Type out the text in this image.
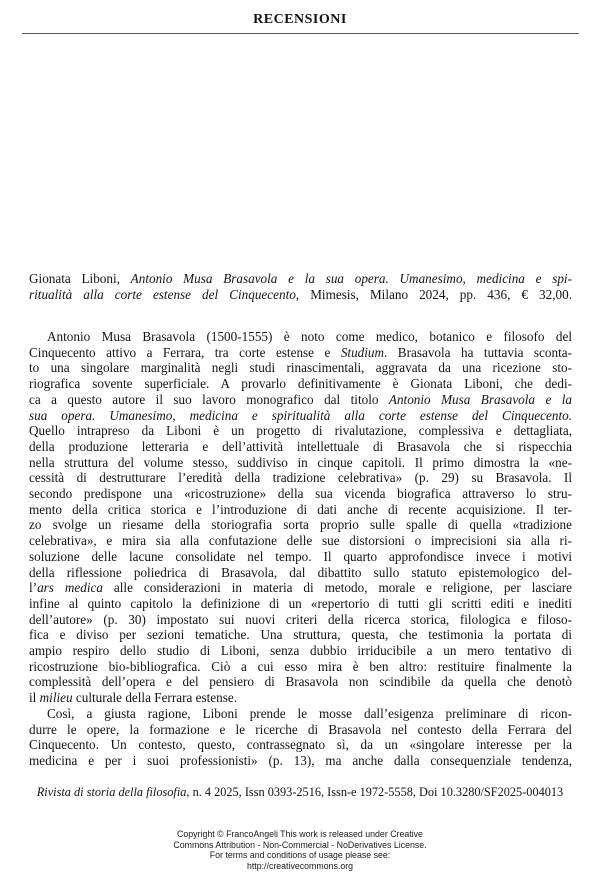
RECENSIONI
Gionata Liboni, Antonio Musa Brasavola e la sua opera. Umanesimo, medicina e spi-
ritualità alla corte estense del Cinquecento, Mimesis, Milano 2024, pp. 436, € 32,00.
Antonio Musa Brasavola (1500-1555) è noto come medico, botanico e filosofo del
Cinquecento attivo a Ferrara, tra corte estense e Studium. Brasavola ha tuttavia sconta-
to una singolare marginalità negli studi rinascimentali, aggravata da una ricezione sto-
riografica sovente superficiale. A provarlo definitivamente è Gionata Liboni, che dedi-
ca a questo autore il suo lavoro monografico dal titolo Antonio Musa Brasavola e la
sua opera. Umanesimo, medicina e spiritualità alla corte estense del Cinquecento.
Quello intrapreso da Liboni è un progetto di rivalutazione, complessiva e dettagliata,
della produzione letteraria e dell’attività intellettuale di Brasavola che si rispecchia
nella struttura del volume stesso, suddiviso in cinque capitoli. Il primo dimostra la «ne-
cessità di destrutturare l’eredità della tradizione celebrativa» (p. 29) su Brasavola. Il
secondo predispone una «ricostruzione» della sua vicenda biografica attraverso lo stru-
mento della critica storica e l’introduzione di dati anche di recente acquisizione. Il ter-
zo svolge un riesame della storiografia sorta proprio sulle spalle di quella «tradizione
celebrativa», e mira sia alla confutazione delle sue distorsioni o imprecisioni sia alla ri-
soluzione delle lacune consolidate nel tempo. Il quarto approfondisce invece i motivi
della riflessione poliedrica di Brasavola, dal dibattito sullo statuto epistemologico del-
l’ars medica alle considerazioni in materia di metodo, morale e religione, per lasciare
infine al quinto capitolo la definizione di un «repertorio di tutti gli scritti editi e inediti
dell’autore» (p. 30) impostato sui nuovi criteri della ricerca storica, filologica e filoso-
fica e diviso per sezioni tematiche. Una struttura, questa, che testimonia la portata di
ampio respiro dello studio di Liboni, senza dubbio irriducibile a un mero tentativo di
ricostruzione bio-bibliografica. Ciò a cui esso mira è ben altro: restituire finalmente la
complessità dell’opera e del pensiero di Brasavola non scindibile da quella che denotò
il milieu culturale della Ferrara estense.
Così, a giusta ragione, Liboni prende le mosse dall’esigenza preliminare di ricon-
durre le opere, la formazione e le ricerche di Brasavola nel contesto della Ferrara del
Cinquecento. Un contesto, questo, contrassegnato sì, da un «singolare interesse per la
medicina e per i suoi professionisti» (p. 13), ma anche dalla consequenziale tendenza,
Rivista di storia della filosofia, n. 4 2025, Issn 0393-2516, Issn-e 1972-5558, Doi 10.3280/SF2025-004013
Copyright © FrancoAngeli This work is released under Creative
Commons Attribution - Non-Commercial - NoDerivatives License.
For terms and conditions of usage please see:
http://creativecommons.org
